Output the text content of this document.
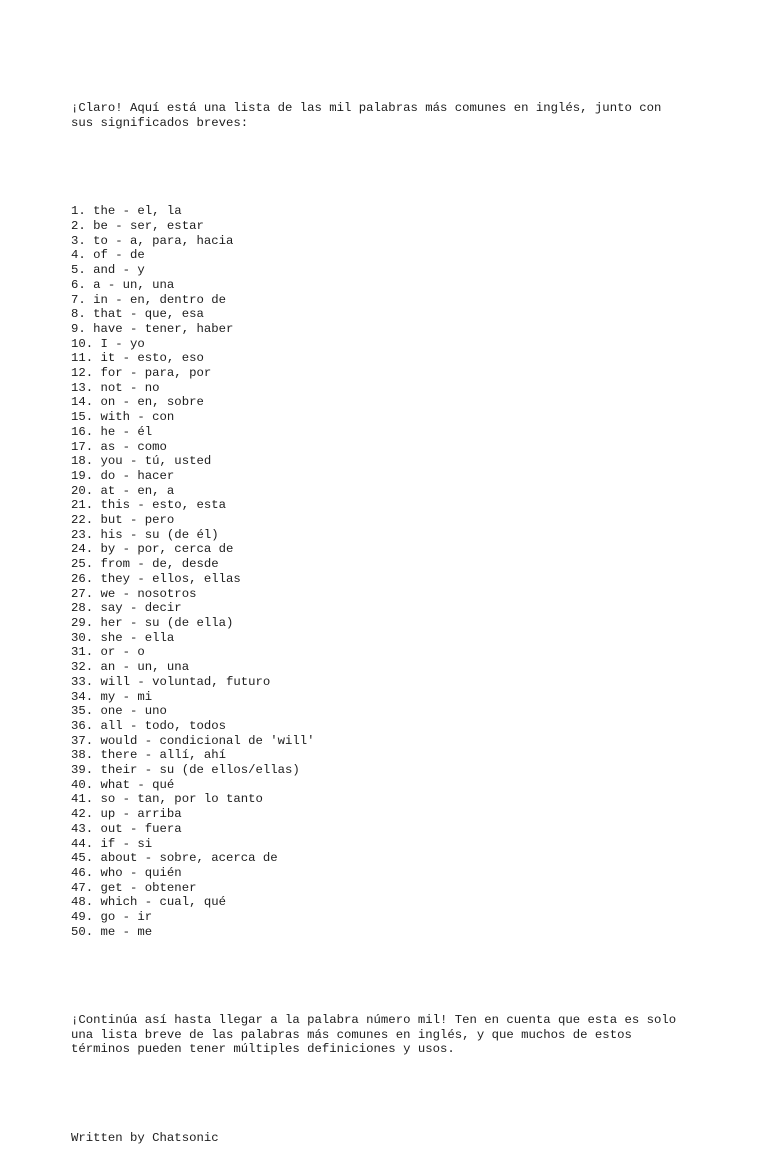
¡Claro! Aquí está una lista de las mil palabras más comunes en inglés, junto con
sus significados breves:

1. the - el, la
2. be - ser, estar
3. to - a, para, hacia
4. of - de
5. and - y
6. a - un, una
7. in - en, dentro de
8. that - que, esa
9. have - tener, haber
10. I - yo
11. it - esto, eso
12. for - para, por
13. not - no
14. on - en, sobre
15. with - con
16. he - él
17. as - como
18. you - tú, usted
19. do - hacer
20. at - en, a
21. this - esto, esta
22. but - pero
23. his - su (de él)
24. by - por, cerca de
25. from - de, desde
26. they - ellos, ellas
27. we - nosotros
28. say - decir
29. her - su (de ella)
30. she - ella
31. or - o
32. an - un, una
33. will - voluntad, futuro
34. my - mi
35. one - uno
36. all - todo, todos
37. would - condicional de 'will'
38. there - allí, ahí
39. their - su (de ellos/ellas)
40. what - qué
41. so - tan, por lo tanto
42. up - arriba
43. out - fuera
44. if - si
45. about - sobre, acerca de
46. who - quién
47. get - obtener
48. which - cual, qué
49. go - ir
50. me - me

¡Continúa así hasta llegar a la palabra número mil! Ten en cuenta que esta es solo
una lista breve de las palabras más comunes en inglés, y que muchos de estos
términos pueden tener múltiples definiciones y usos.

Written by Chatsonic
